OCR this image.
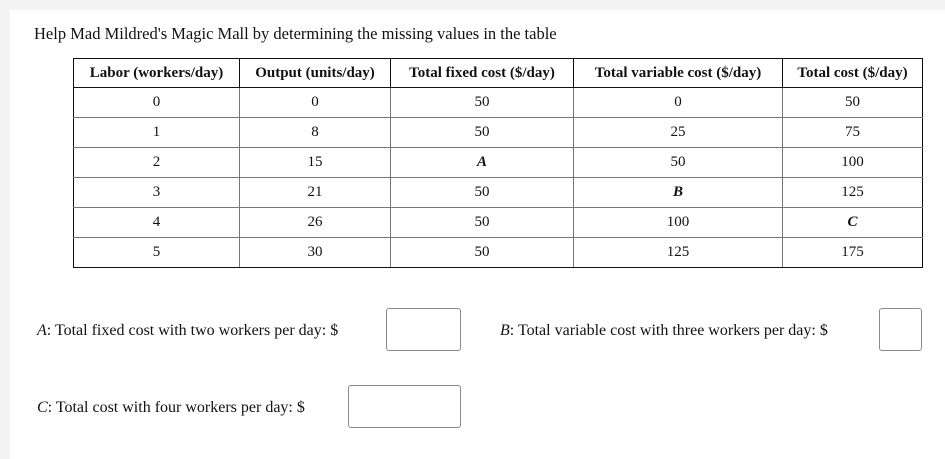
Help Mad Mildred's Magic Mall by determining the missing values in the table
Labor (workers/day)	Output (units/day)	Total fixed cost ($/day)	Total variable cost ($/day)	Total cost ($/day)
0	0	50	0	50
1	8	50	25	75
2	15	A	50	100
3	21	50	B	125
4	26	50	100	C
5	30	50	125	175
A: Total fixed cost with two workers per day: $	B: Total variable cost with three workers per day: $
C: Total cost with four workers per day: $
